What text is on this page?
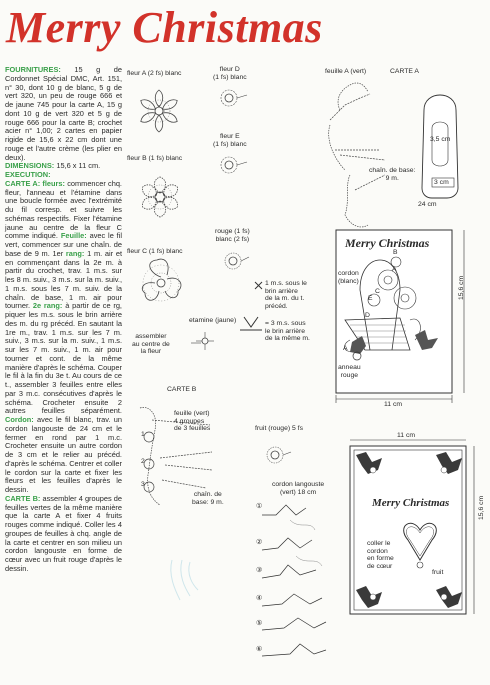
Merry Christmas

FOURNITURES: 15 g de Cordonnet Spécial DMC, Art. 151, n° 30, dont 10 g de blanc, 5 g de vert 320, un peu de rouge 666 et de jaune 745 pour la carte A, 15 g dont 10 g de vert 320 et 5 g de rouge 666 pour la carte B; crochet acier n° 1,00; 2 cartes en papier rigide de 15,6 x 22 cm dont une rouge et l'autre crème (les plier en deux).

DIMENSIONS: 15,6 x 11 cm.

EXECUTION:

CARTE A: fleurs: commencer chq. fleur, l'anneau et l'étamine dans une boucle formée avec l'extrémité du fil corresp. et suivre les schémas respectifs. Fixer l'étamine jaune au centre de la fleur C comme indiqué. Feuille: avec le fil vert, commencer sur une chaîn. de base de 9 m. 1er rang: 1 m. air et en commençant dans la 2e m. à partir du crochet, trav. 1 m.s. sur les 8 m. suiv., 3 m.s. sur la m. suiv., 1 m.s. sous les 7 m. suiv. de la chaîn. de base, 1 m. air pour tourner. 2e rang: à partir de ce rg, piquer les m.s. sous le brin arrière des m. du rg précéd. En sautant la 1re m., trav. 1 m.s. sur les 7 m. suiv., 3 m.s. sur la m. suiv., 1 m.s. sur les 7 m. suiv., 1 m. air pour tourner et cont. de la même manière d'après le schéma. Couper le fil à la fin du 3e t. Au cours de ce t., assembler 3 feuilles entre elles par 3 m.c. consécutives d'après le schéma. Crocheter ensuite 2 autres feuilles séparément. Cordon: avec le fil blanc, trav. un cordon langouste de 24 cm et le fermer en rond par 1 m.c. Crocheter ensuite un autre cordon de 3 cm et le relier au précéd. d'après le schéma. Centrer et coller le cordon sur la carte et fixer les fleurs et les feuilles d'après le dessin.

CARTE B: assembler 4 groupes de feuilles vertes de la même manière que la carte A et fixer 4 fruits rouges comme indiqué. Coller les 4 groupes de feuilles à chq. angle de la carte et centrer en son milieu un cordon langouste en forme de cœur avec un fruit rouge d'après le dessin.

fleur A (2 fs) blanc
fleur B (1 fs) blanc
fleur C (1 fs) blanc
fleur D
(1 fs) blanc
fleur E
(1 fs) blanc
rouge (1 fs)
blanc (2 fs)
etamine (jaune)
assembler
au centre de
la fleur
feuille A (vert)	CARTE A
chaîn. de base:
9 m.
3,5 cm
3 cm
24 cm
1 m.s. sous le
brin arrière
de la m. du t.
précéd.
= 3 m.s. sous
le brin arrière
de la même m.
CARTE B
feuille (vert)
4 groupes
de 3 feuilles
chaîn. de
base: 9 m.
fruit (rouge) 5 fs
cordon langouste
(vert) 18 cm
1
2
3
①
②
③
④
⑤
⑥
Merry Christmas
cordon
(blanc)
anneau
rouge
11 cm
15,6 cm
A
B
C
D
E
A
11 cm
Merry Christmas
coller le
cordon
en forme
de cœur
fruit
15,6 cm
